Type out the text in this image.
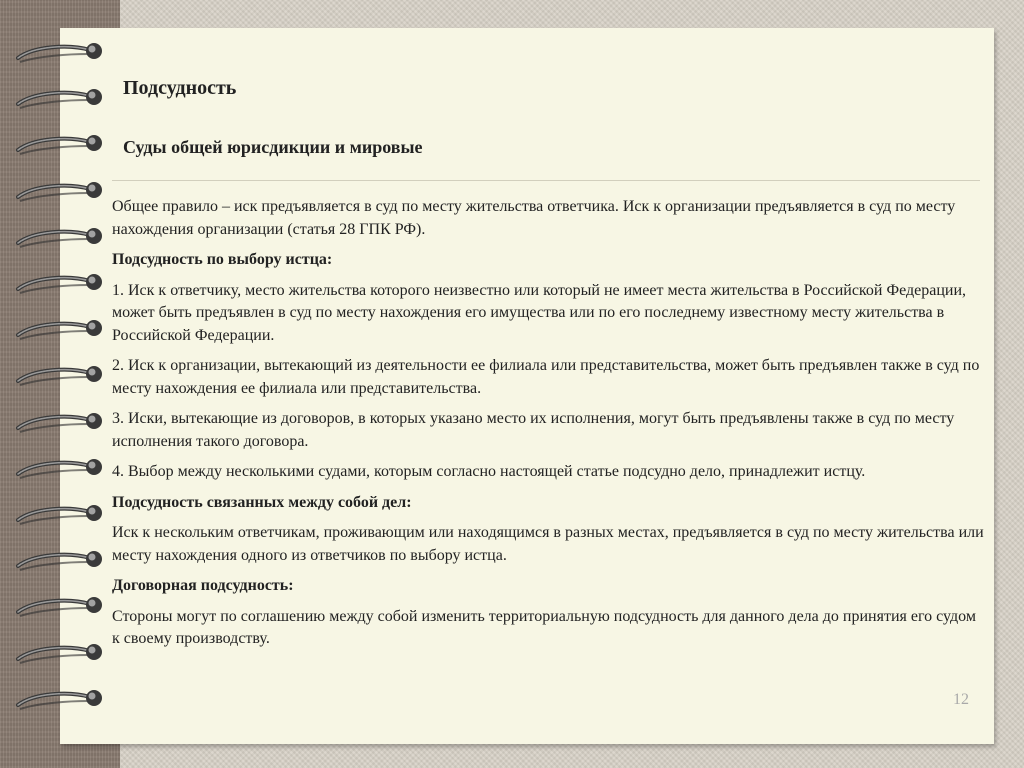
Подсудность
Суды общей юрисдикции и мировые

Общее правило – иск предъявляется в суд по месту жительства ответчика. Иск к организации предъявляется в суд по месту нахождения организации (статья 28 ГПК РФ).

Подсудность по выбору истца:

1. Иск к ответчику, место жительства которого неизвестно или который не имеет места жительства в Российской Федерации, может быть предъявлен в суд по месту нахождения его имущества или по его последнему известному месту жительства в Российской Федерации.

2. Иск к организации, вытекающий из деятельности ее филиала или представительства, может быть предъявлен также в суд по месту нахождения ее филиала или представительства.

3. Иски, вытекающие из договоров, в которых указано место их исполнения, могут быть предъявлены также в суд по месту исполнения такого договора.

4. Выбор между несколькими судами, которым согласно настоящей статье подсудно дело, принадлежит истцу.

Подсудность связанных между собой дел:

Иск к нескольким ответчикам, проживающим или находящимся в разных местах, предъявляется в суд по месту жительства или месту нахождения одного из ответчиков по выбору истца.

Договорная подсудность:

Стороны могут по соглашению между собой изменить территориальную подсудность для данного дела до принятия его судом к своему производству.

12
